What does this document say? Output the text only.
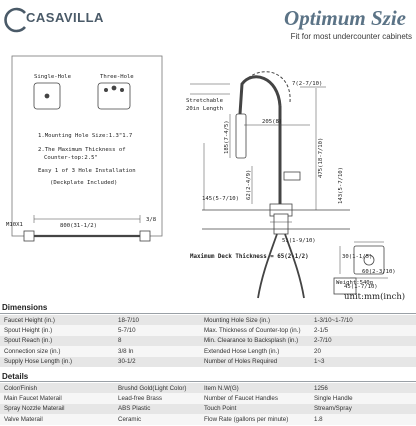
CASAVILLA	Optimum Szie
Fit for most undercounter cabinets
Single-Hole	Three-Hole
1.Mounting Hole Size:1.3"1.7
2.The Maximum Thickness of
Counter-top:2.5"
Easy 1 of 3 Hole Installation
(Deckplate Included)
M10X1	800(31-1/2)
3/8
Stretchable
20in Length
7(2-7/10)
205(8)
145(5-7/10)
51(1-9/10)
Maximum Deck Thickness = 65(2-1/2)	30(1-1/5)
60(2-3/10)
45(1-7/10)
Weight:540g
475(18-7/10)
185(7-4/5)
62(2-4/9)	143(5-7/10)
unit:mm(inch)
Dimensions
Faucet Height (in.)	18-7/10	Mounting Hole Size (in.)	1-3/10~1-7/10
Spout Height (in.)	5-7/10	Max. Thickness of Counter-top (in.)	2-1/5
Spout Reach (in.)	8	Min. Clearance to Backsplash (in.)	2-7/10
Connection size (in.)	3/8 In	Extended Hose Length (in.)	20
Supply Hose Length (in.)	30-1/2	Number of Holes Required	1~3
Details
Color/Finish	Brushd Gold(Light Color)	Item N.W(G)	1256
Main Faucet Materail	Lead-free Brass	Number of Faucet Handles	Single Handle
Spray Nozzle Materail	ABS Plastic	Touch Point	Stream/Spray
Valve Materail	Ceramic	Flow Rate (gallons per minute)	1.8
